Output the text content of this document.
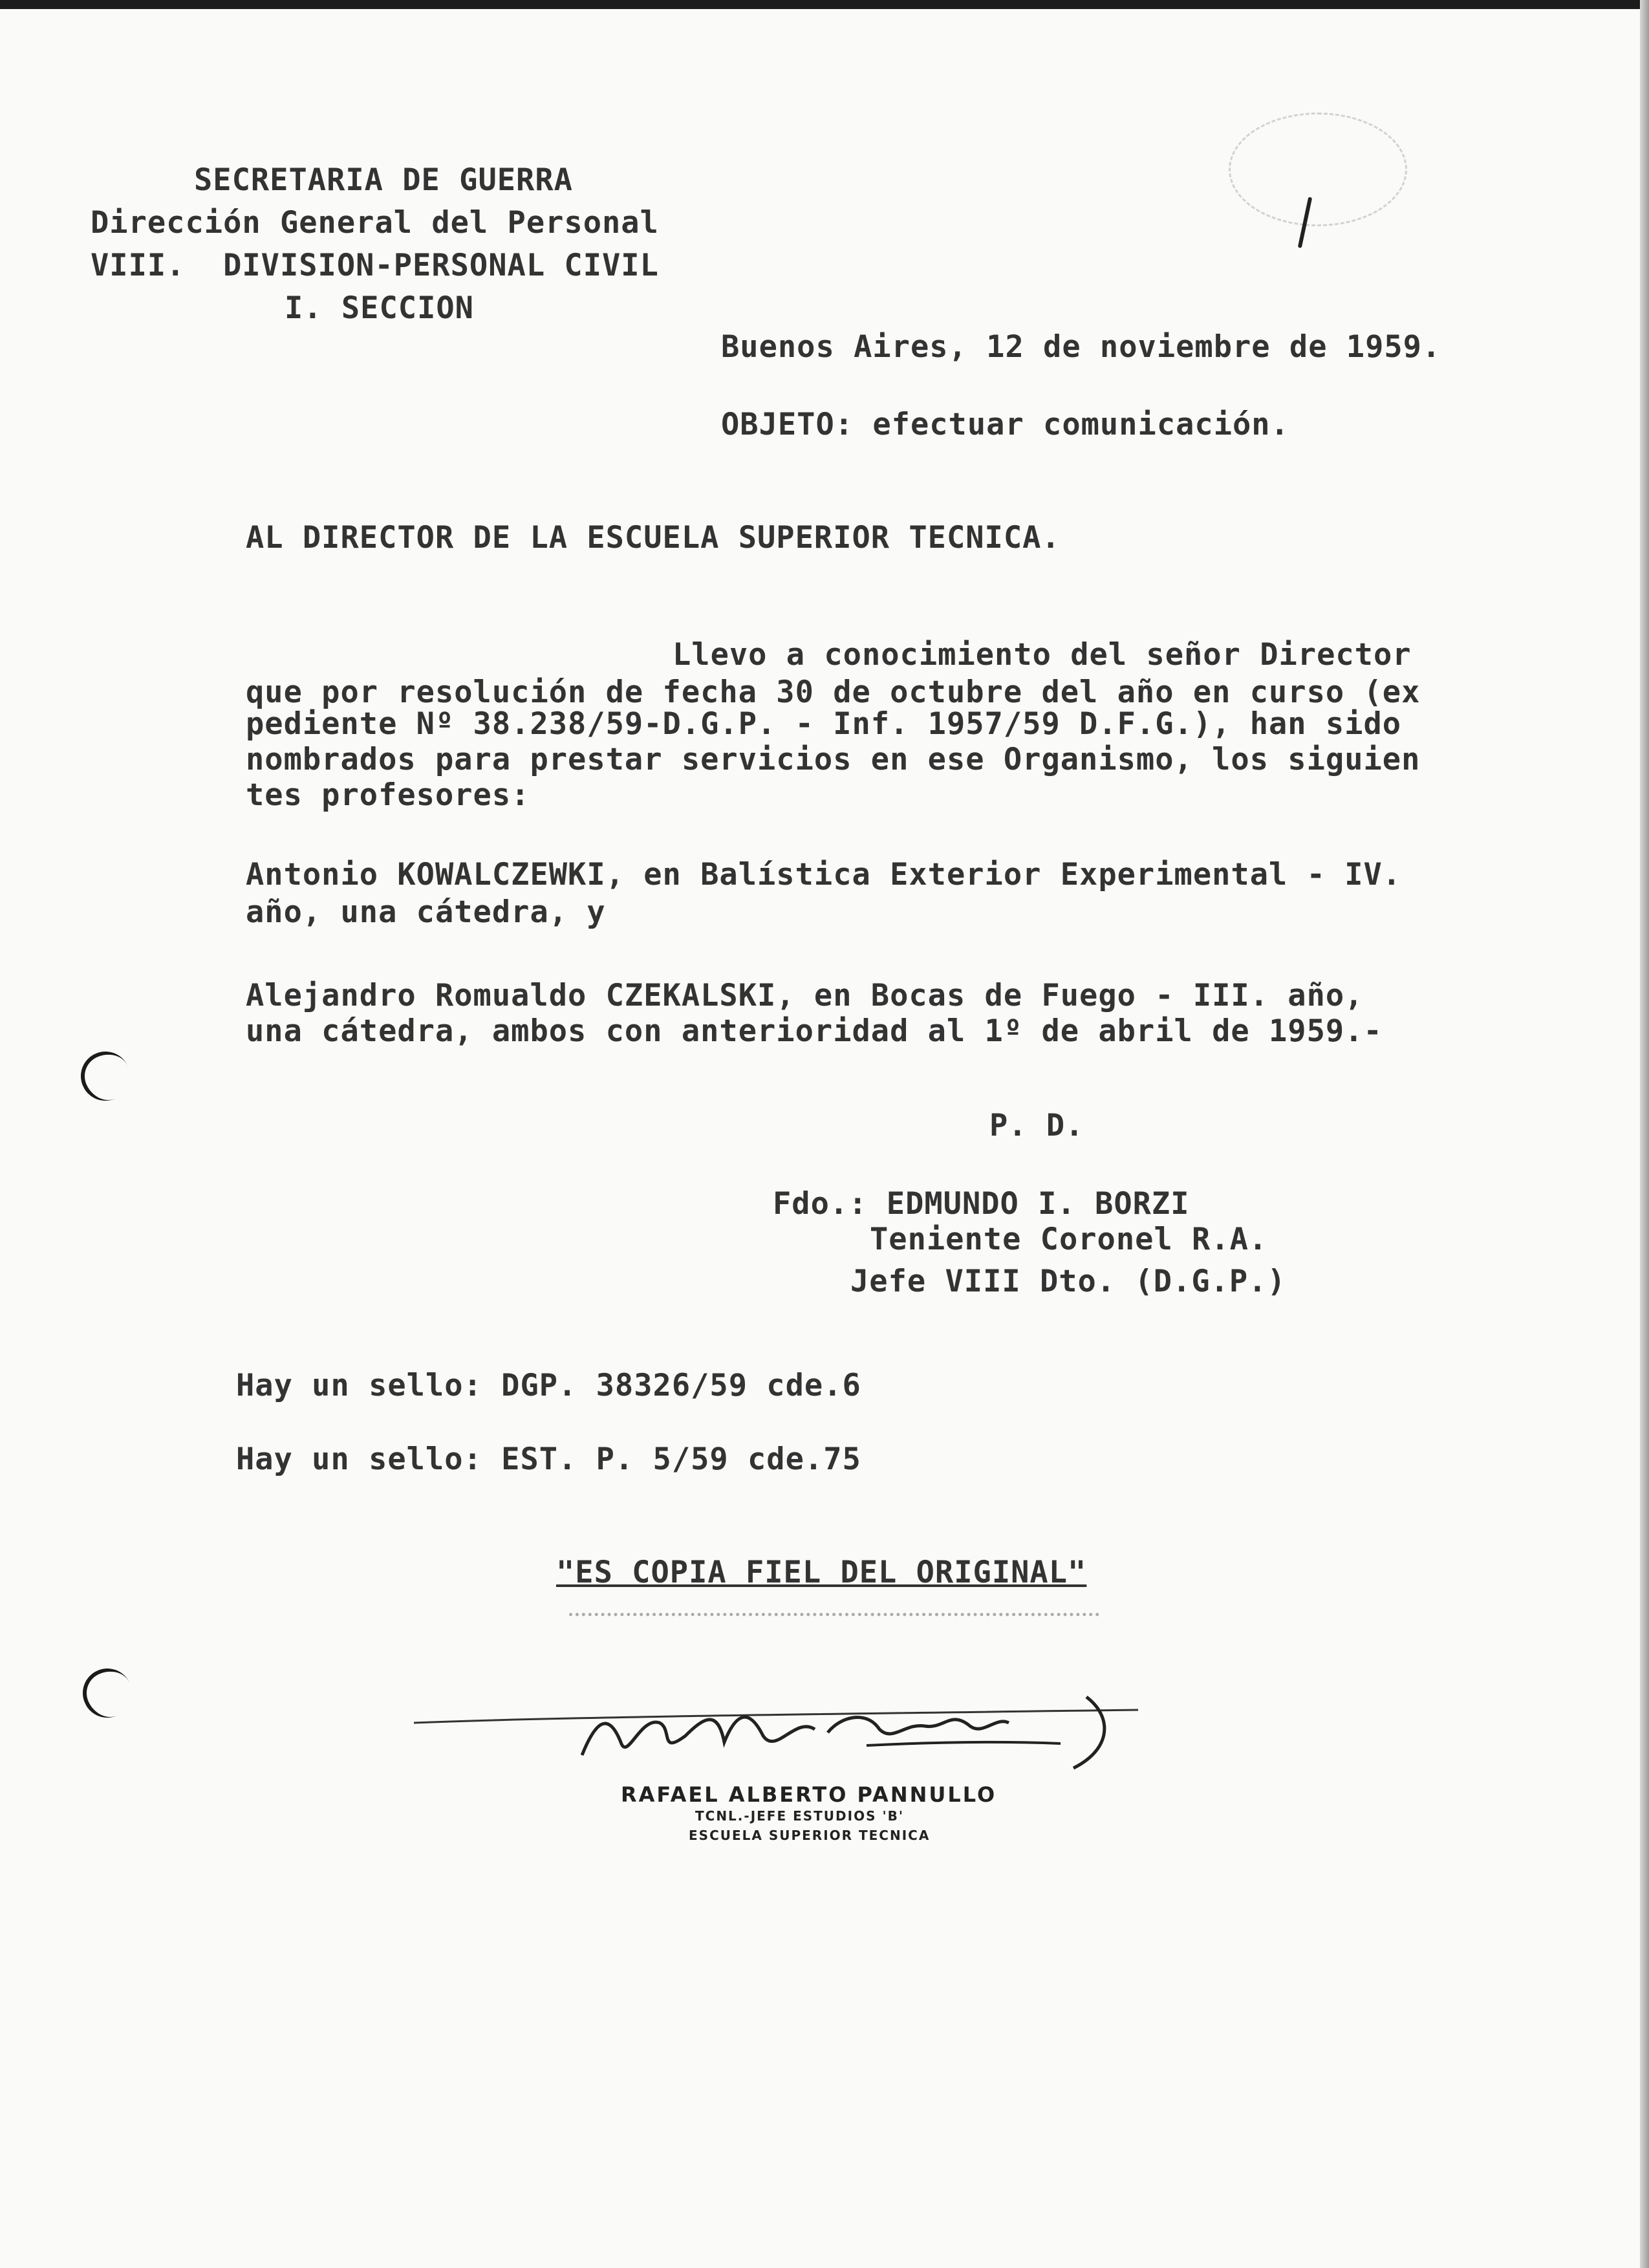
SECRETARIA DE GUERRA
Dirección General del Personal
VIII.  DIVISION-PERSONAL CIVIL
I. SECCION
Buenos Aires, 12 de noviembre de 1959.
OBJETO: efectuar comunicación.
AL DIRECTOR DE LA ESCUELA SUPERIOR TECNICA.
Llevo a conocimiento del señor Director
que por resolución de fecha 30 de octubre del año en curso (ex
pediente Nº 38.238/59-D.G.P. - Inf. 1957/59 D.F.G.), han sido
nombrados para prestar servicios en ese Organismo, los siguien
tes profesores:
Antonio KOWALCZEWKI, en Balística Exterior Experimental - IV.
año, una cátedra, y
Alejandro Romualdo CZEKALSKI, en Bocas de Fuego - III. año,
una cátedra, ambos con anterioridad al 1º de abril de 1959.-
P. D.
Fdo.: EDMUNDO I. BORZI
Teniente Coronel R.A.
Jefe VIII Dto. (D.G.P.)
Hay un sello: DGP. 38326/59 cde.6
Hay un sello: EST. P. 5/59 cde.75
"ES COPIA FIEL DEL ORIGINAL"
RAFAEL ALBERTO PANNULLO
TCNL.-JEFE ESTUDIOS 'B'
ESCUELA SUPERIOR TECNICA
